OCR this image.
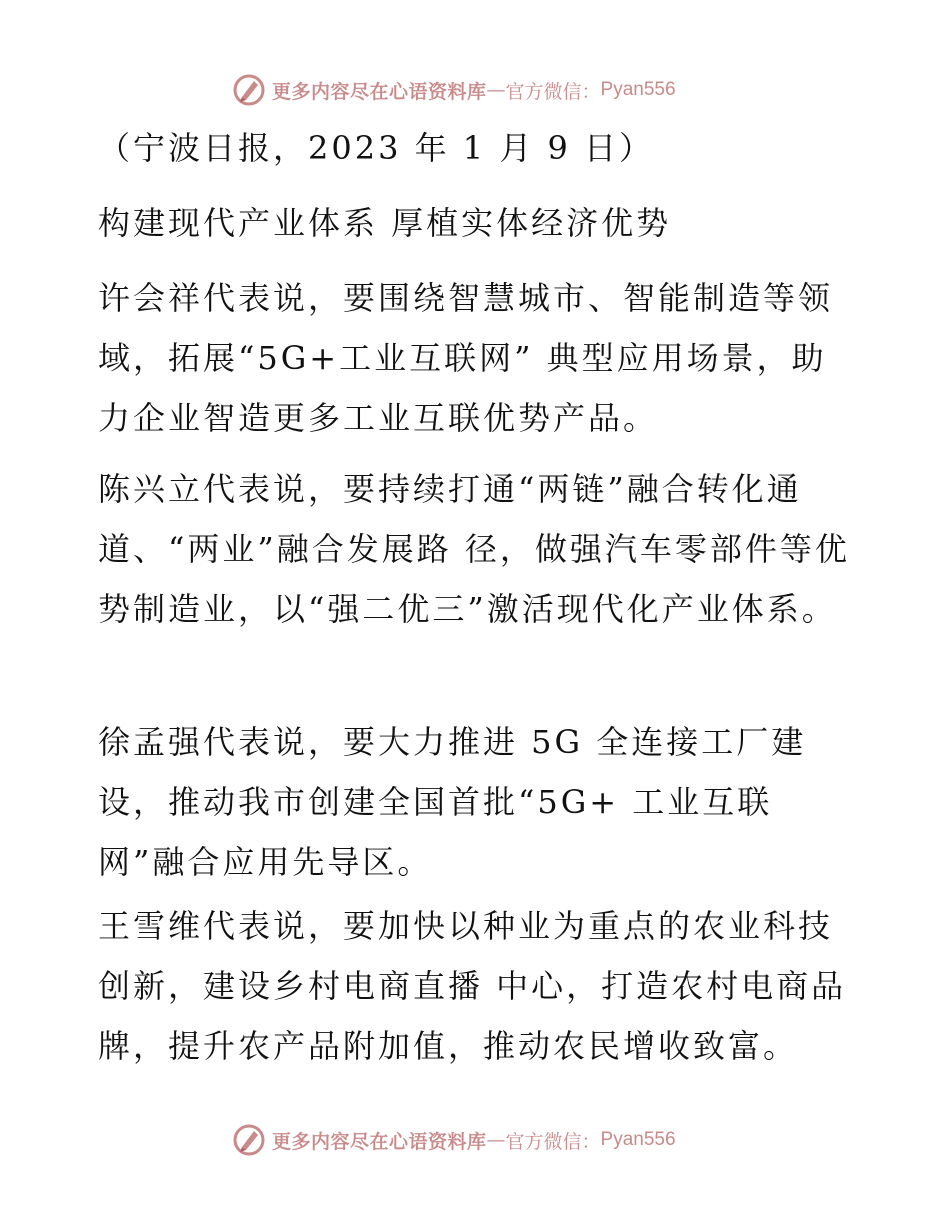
更多内容尽在心语资料库 — 官方微信： Pyan556

（宁波日报，2023 年 1 月 9 日）

构建现代产业体系 厚植实体经济优势

许会祥代表说，要围绕智慧城市、智能制造等领域，拓展“5G+工业互联网” 典型应用场景，助力企业智造更多工业互联优势产品。

陈兴立代表说，要持续打通“两链”融合转化通道、“两业”融合发展路 径，做强汽车零部件等优势制造业，以“强二优三”激活现代化产业体系。

徐孟强代表说，要大力推进 5G 全连接工厂建设，推动我市创建全国首批“5G+ 工业互联网”融合应用先导区。

王雪维代表说，要加快以种业为重点的农业科技创新，建设乡村电商直播 中心，打造农村电商品牌，提升农产品附加值，推动农民增收致富。

更多内容尽在心语资料库 — 官方微信： Pyan556
